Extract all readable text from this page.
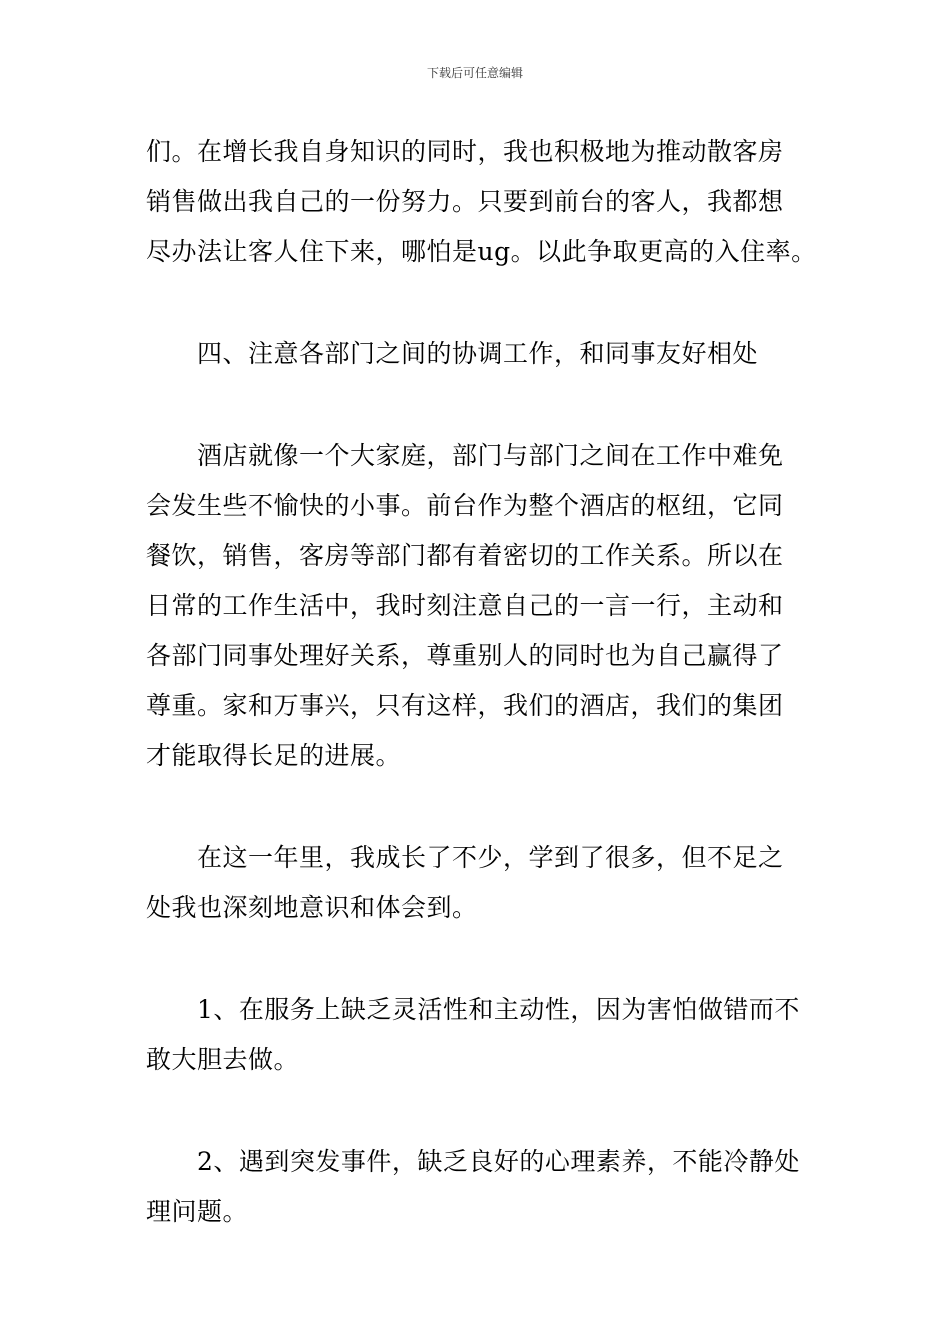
下载后可任意编辑

们。在增长我自身知识的同时，我也积极地为推动散客房
销售做出我自己的一份努力。只要到前台的客人，我都想
尽办法让客人住下来，哪怕是ug。以此争取更高的入住率。

　　四、注意各部门之间的协调工作，和同事友好相处

　　酒店就像一个大家庭，部门与部门之间在工作中难免
会发生些不愉快的小事。前台作为整个酒店的枢纽，它同
餐饮，销售，客房等部门都有着密切的工作关系。所以在
日常的工作生活中，我时刻注意自己的一言一行，主动和
各部门同事处理好关系，尊重别人的同时也为自己赢得了
尊重。家和万事兴，只有这样，我们的酒店，我们的集团
才能取得长足的进展。

　　在这一年里，我成长了不少，学到了很多，但不足之
处我也深刻地意识和体会到。

　　1、在服务上缺乏灵活性和主动性，因为害怕做错而不
敢大胆去做。

　　2、遇到突发事件，缺乏良好的心理素养，不能冷静处
理问题。
